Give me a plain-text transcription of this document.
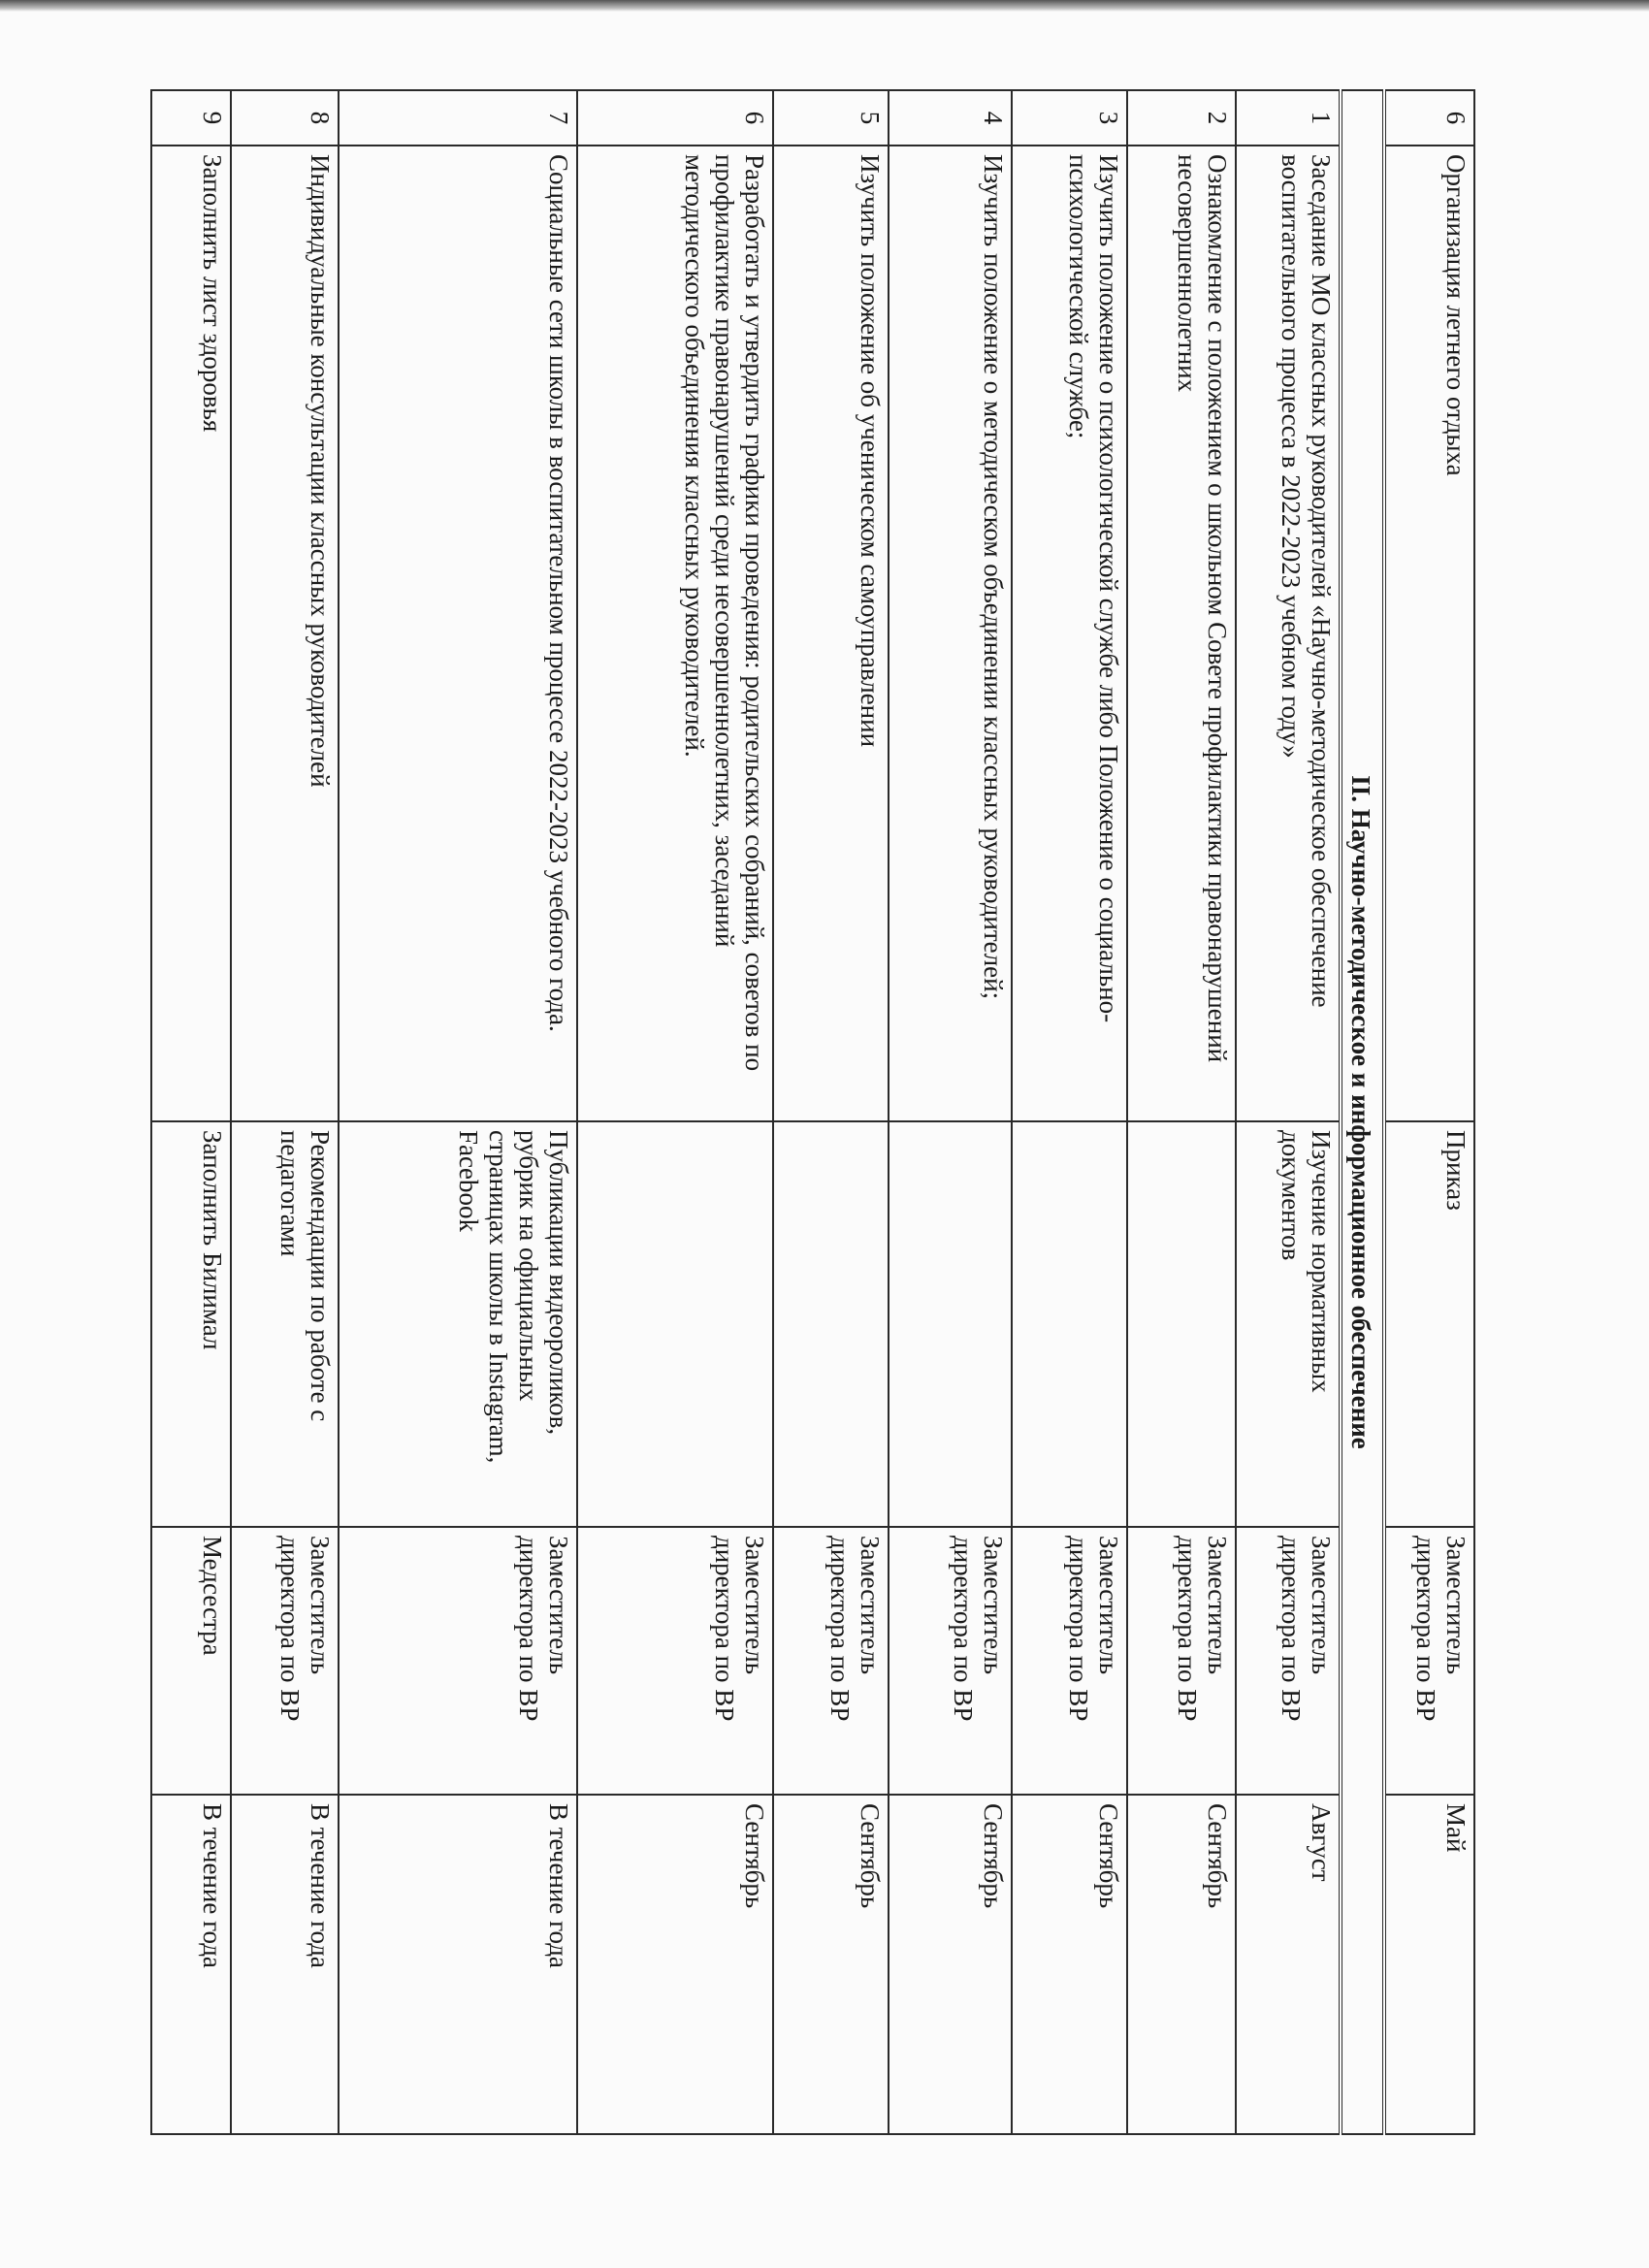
6	Организация летнего отдыха	Приказ	Заместитель директора по ВР	Май
II. Научно-методическое и информационное обеспечение				
1	Заседание МО классных руководителей «Научно-методическое обеспечение воспитательного процесса в 2022-2023 учебном году»	Изучение нормативных документов	Заместитель директора по ВР	Август
2	Ознакомление с положением о школьном Совете профилактики правонарушений несовершеннолетних		Заместитель директора по ВР	Сентябрь
3	Изучить положение о психологической службе либо Положение о социально-психологической службе;		Заместитель директора по ВР	Сентябрь
4	Изучить положение о методическом объединении классных руководителей;		Заместитель директора по ВР	Сентябрь
5	Изучить положение об ученическом самоуправлении		Заместитель директора по ВР	Сентябрь
6	Разработать и утвердить графики проведения: родительских собраний, советов по профилактике правонарушений среди несовершеннолетних, заседаний методического объединения классных руководителей.		Заместитель директора по ВР	Сентябрь
7	Социальные сети школы в воспитательном процессе 2022-2023 учебного года.	Публикации видеороликов, рубрик на официальных страницах школы в Instagram, Facebook	Заместитель директора по ВР	В течение года
8	Индивидуальные консультации классных руководителей	Рекомендации по работе с педагогами	Заместитель директора по ВР	В течение года
9	Заполнить лист здоровья	Заполнить Билимал	Медсестра	В течение года
